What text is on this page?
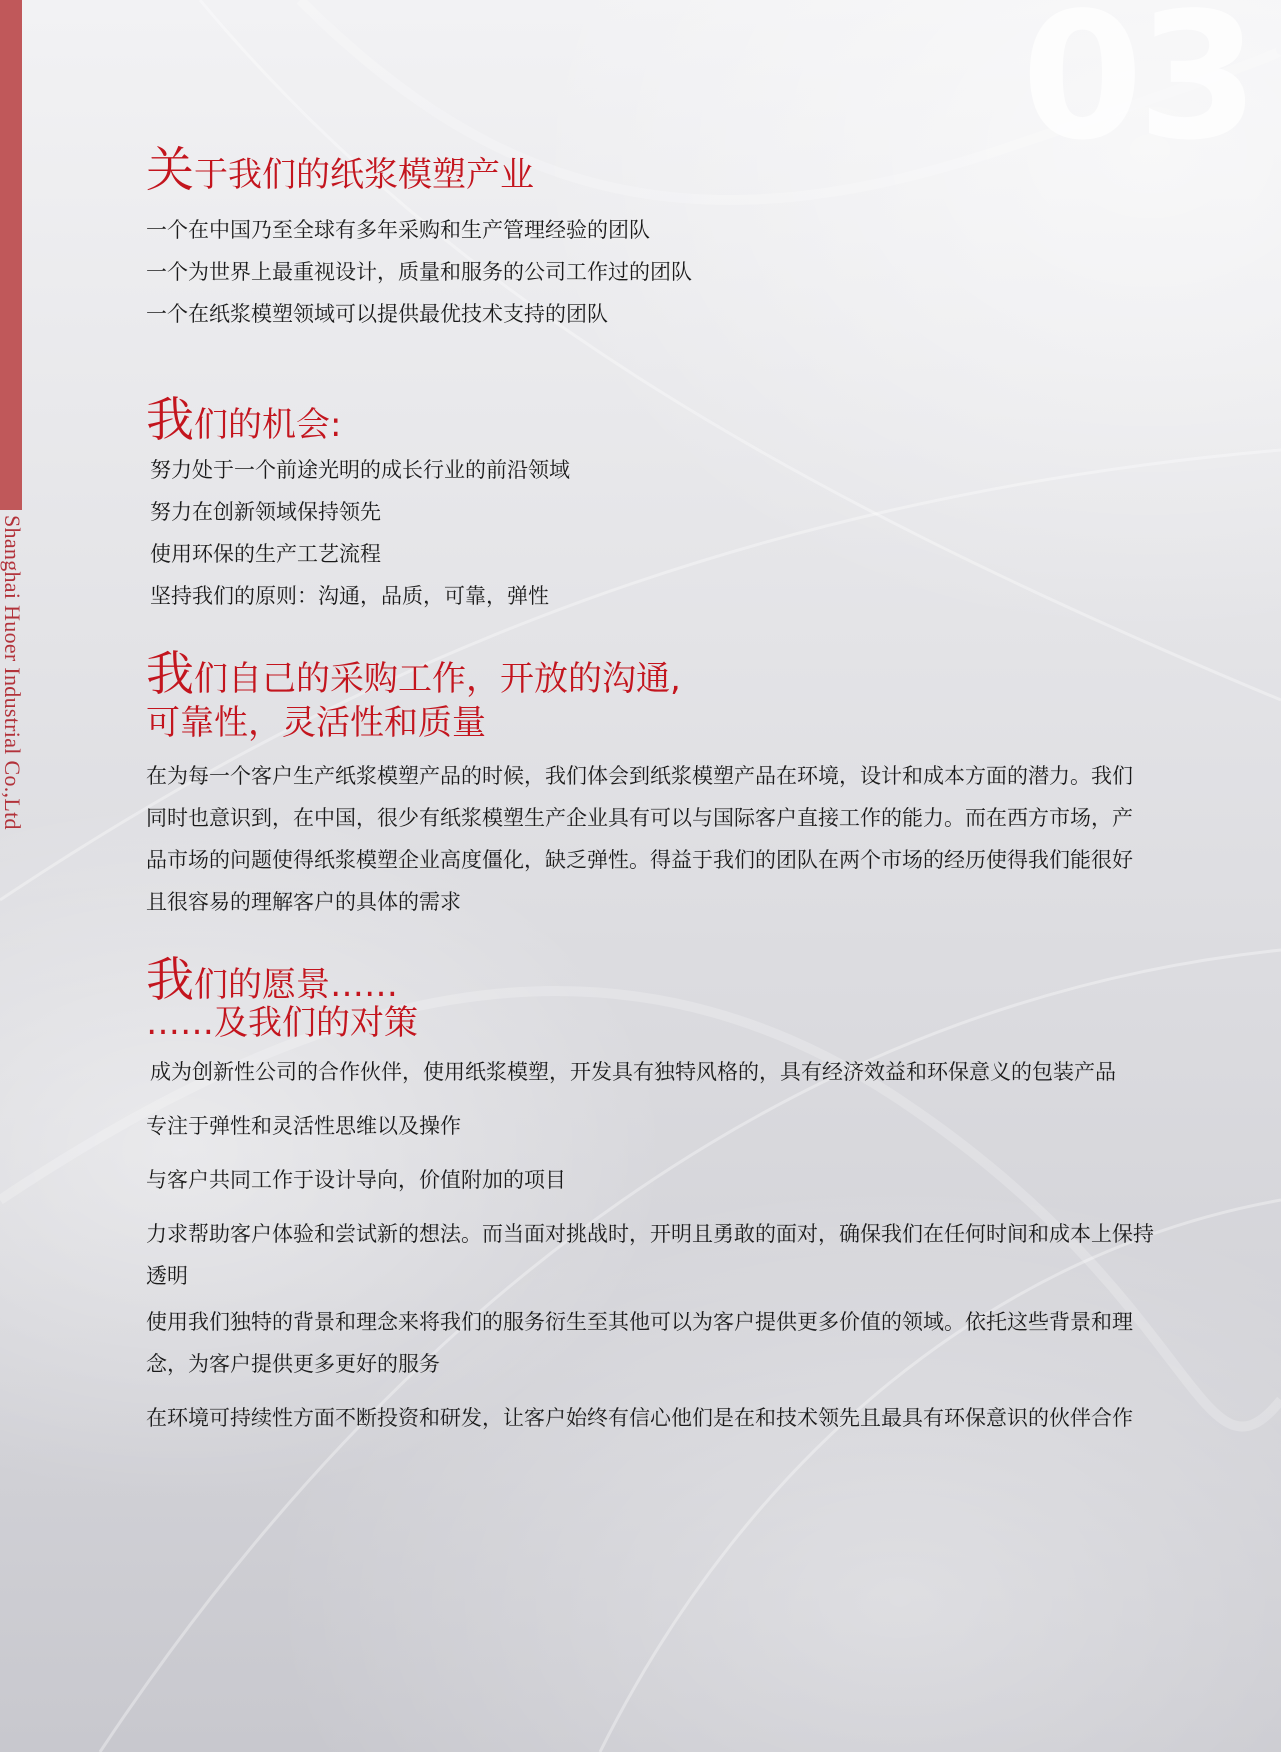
Shanghai Huoer Industrial Co.,Ltd
03
关于我们的纸浆模塑产业

一个在中国乃至全球有多年采购和生产管理经验的团队

一个为世界上最重视设计，质量和服务的公司工作过的团队

一个在纸浆模塑领域可以提供最优技术支持的团队

我们的机会:

努力处于一个前途光明的成长行业的前沿领域

努力在创新领域保持领先

使用环保的生产工艺流程

坚持我们的原则：沟通，品质，可靠，弹性

我们自己的采购工作，开放的沟通,
可靠性，灵活性和质量

在为每一个客户生产纸浆模塑产品的时候，我们体会到纸浆模塑产品在环境，设计和成本方面的潜力。我们同时也意识到，在中国，很少有纸浆模塑生产企业具有可以与国际客户直接工作的能力。而在西方市场，产品市场的问题使得纸浆模塑企业高度僵化，缺乏弹性。得益于我们的团队在两个市场的经历使得我们能很好且很容易的理解客户的具体的需求

我们的愿景……
……及我们的对策

成为创新性公司的合作伙伴，使用纸浆模塑，开发具有独特风格的，具有经济效益和环保意义的包装产品

专注于弹性和灵活性思维以及操作

与客户共同工作于设计导向，价值附加的项目

力求帮助客户体验和尝试新的想法。而当面对挑战时，开明且勇敢的面对，确保我们在任何时间和成本上保持透明

使用我们独特的背景和理念来将我们的服务衍生至其他可以为客户提供更多价值的领域。依托这些背景和理念，为客户提供更多更好的服务

在环境可持续性方面不断投资和研发，让客户始终有信心他们是在和技术领先且最具有环保意识的伙伴合作
